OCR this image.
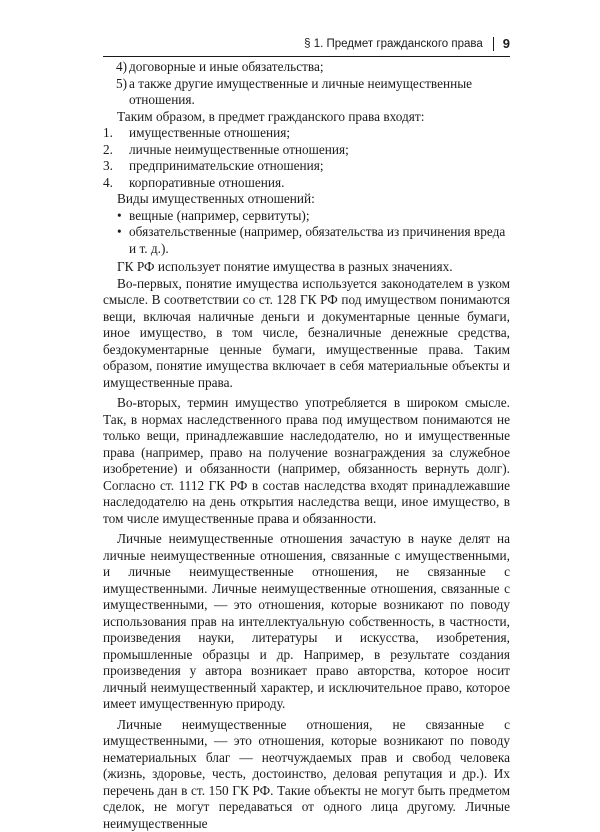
§ 1. Предмет гражданского права 9
4) договорные и иные обязательства;
5) а также другие имущественные и личные неимущественные отношения.

Таким образом, в предмет гражданского права входят:

1. имущественные отношения;
2. личные неимущественные отношения;
3. предпринимательские отношения;
4. корпоративные отношения.

Виды имущественных отношений:

• вещные (например, сервитуты);
• обязательственные (например, обязательства из причинения вреда и т. д.).

ГК РФ использует понятие имущества в разных значениях.

Во-первых, понятие имущества используется законодателем в узком смысле. В соответствии со ст. 128 ГК РФ под имуществом понимаются вещи, включая наличные деньги и документарные ценные бумаги, иное имущество, в том числе, безналичные денежные средства, бездокументарные ценные бумаги, имущественные права. Таким образом, понятие имущества включает в себя материальные объекты и имущественные права.

Во-вторых, термин имущество употребляется в широком смысле. Так, в нормах наследственного права под имуществом понимаются не только вещи, принадлежавшие наследодателю, но и имущественные права (например, право на получение вознаграждения за служебное изобретение) и обязанности (например, обязанность вернуть долг). Согласно ст. 1112 ГК РФ в состав наследства входят принадлежавшие наследодателю на день открытия наследства вещи, иное имущество, в том числе имущественные права и обязанности.

Личные неимущественные отношения зачастую в науке делят на личные неимущественные отношения, связанные с имущественными, и личные неимущественные отношения, не связанные с имущественными. Личные неимущественные отношения, связанные с имущественными, — это отношения, которые возникают по поводу использования прав на интеллектуальную собственность, в частности, произведения науки, литературы и искусства, изобретения, промышленные образцы и др. Например, в результате создания произведения у автора возникает право авторства, которое носит личный неимущественный характер, и исключительное право, которое имеет имущественную природу.

Личные неимущественные отношения, не связанные с имущественными, — это отношения, которые возникают по поводу нематериальных благ — неотчуждаемых прав и свобод человека (жизнь, здоровье, честь, достоинство, деловая репутация и др.). Их перечень дан в ст. 150 ГК РФ. Такие объекты не могут быть предметом сделок, не могут передаваться от одного лица другому. Личные неимущественные
